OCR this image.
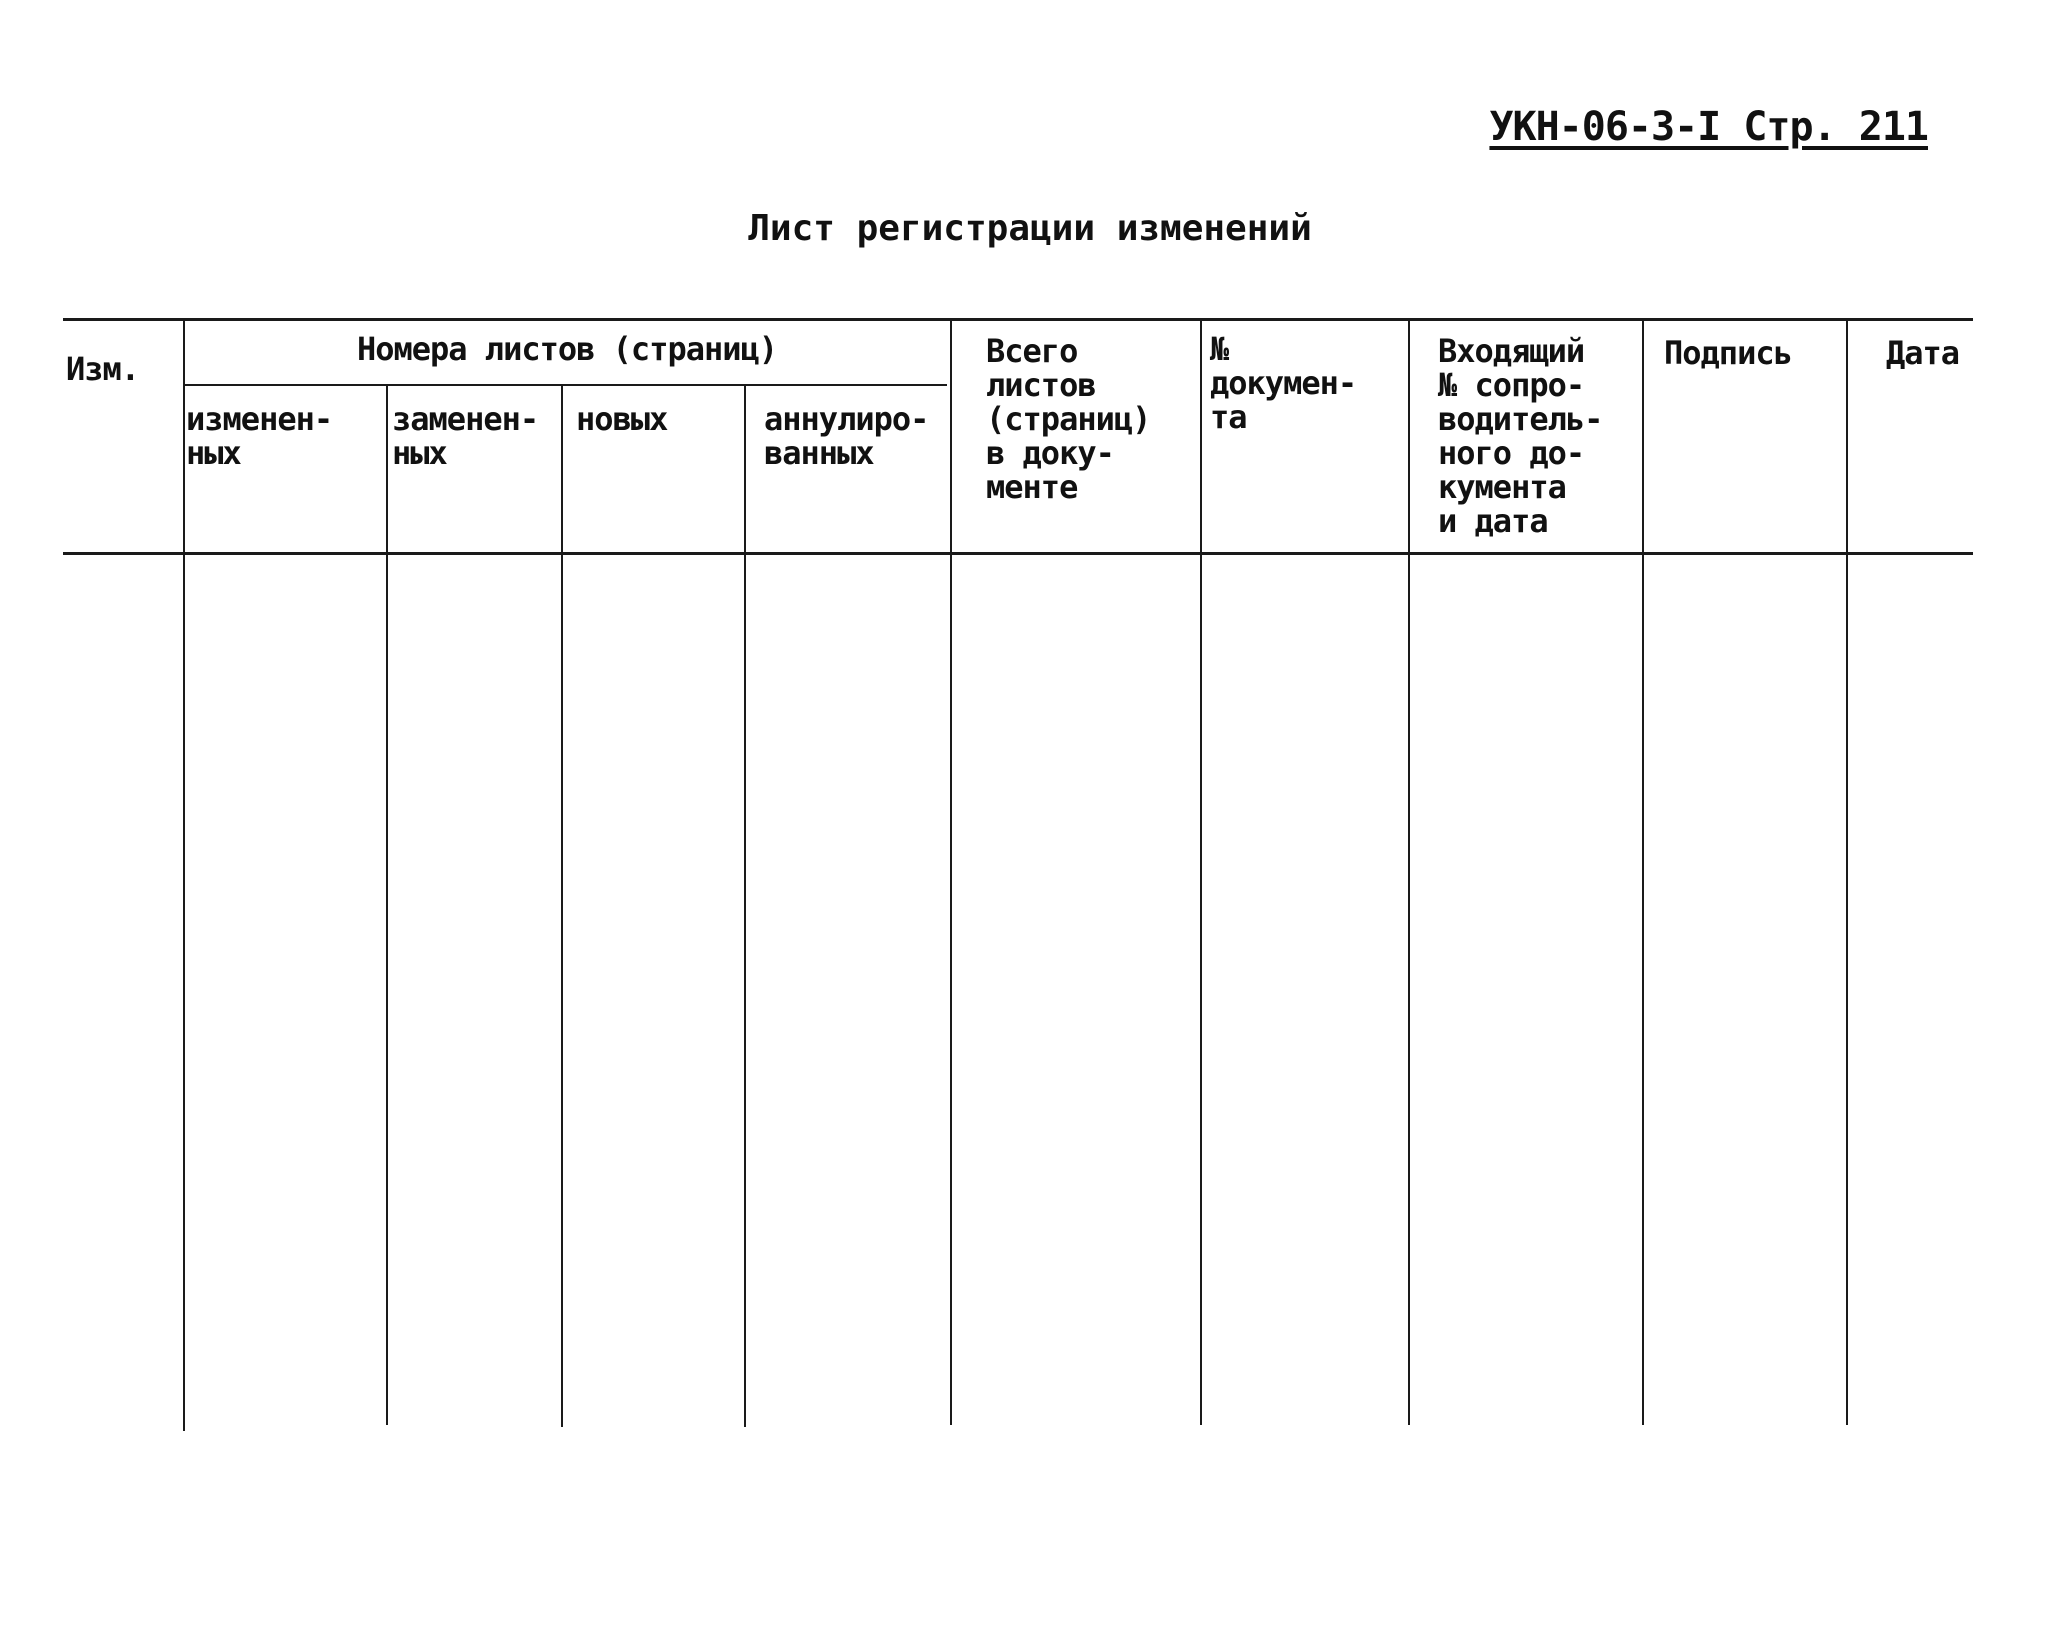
УКН-06-3-I Стр. 211
Лист регистрации изменений
Изм.
Номера листов (страниц)
изменен-
ных
заменен-
ных
новых	аннулиро-
ванных
Всего
листов
(страниц)
в доку-
менте
№
докумен-
та
Входящий
№ сопро-
водитель-
ного до-
кумента
и дата
Подпись	Дата
